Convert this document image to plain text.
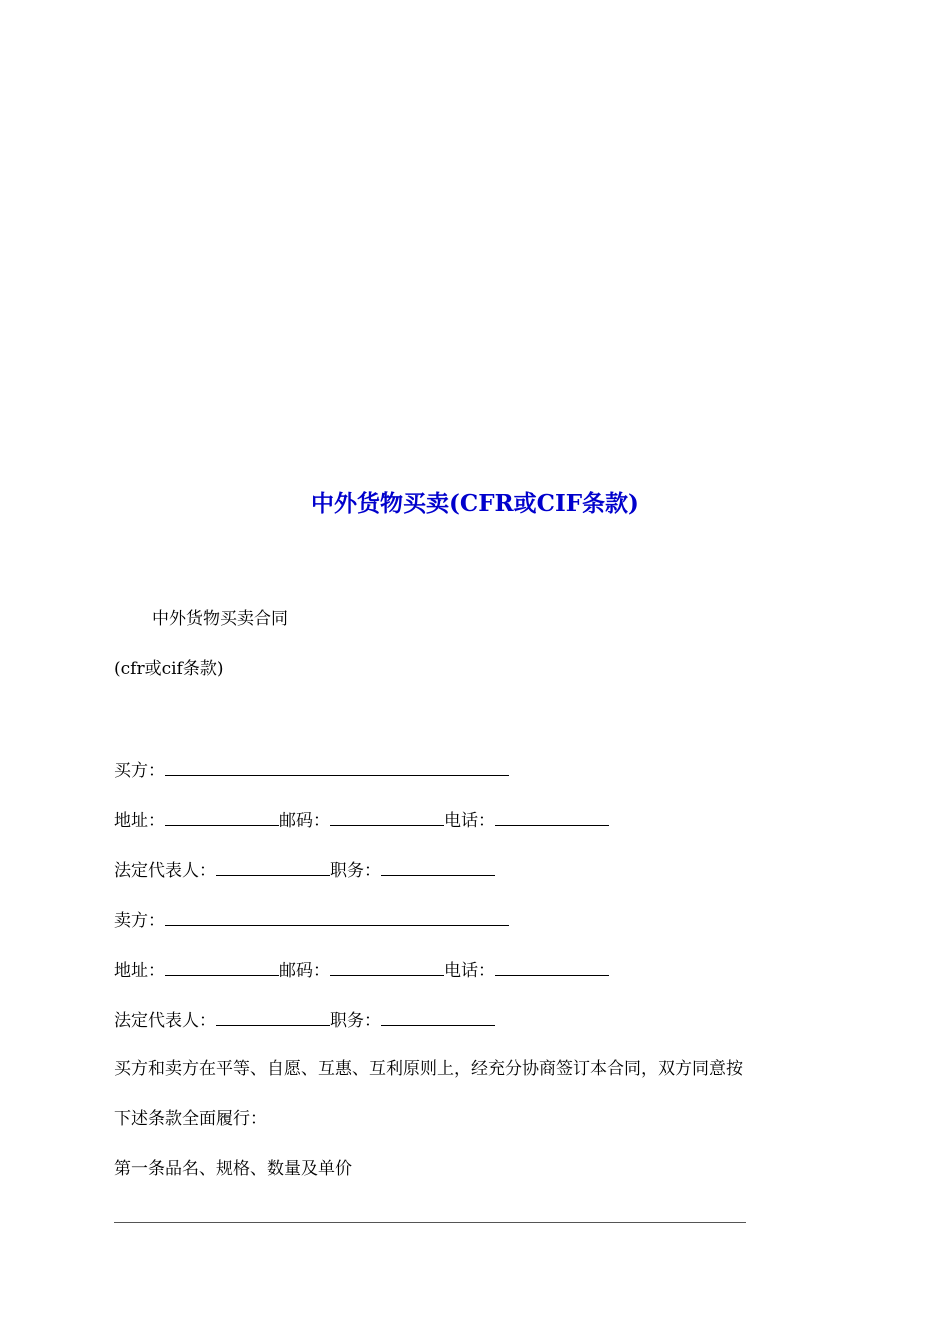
中外货物买卖(CFR或CIF条款)
中外货物买卖合同
(cfr或cif条款)
买方：
地址：	邮码：	电话：
法定代表人：	职务：
卖方：
地址：	邮码：	电话：
法定代表人：	职务：
买方和卖方在平等、自愿、互惠、互利原则上，经充分协商签订本合同，双方同意按
下述条款全面履行：
第一条品名、规格、数量及单价
